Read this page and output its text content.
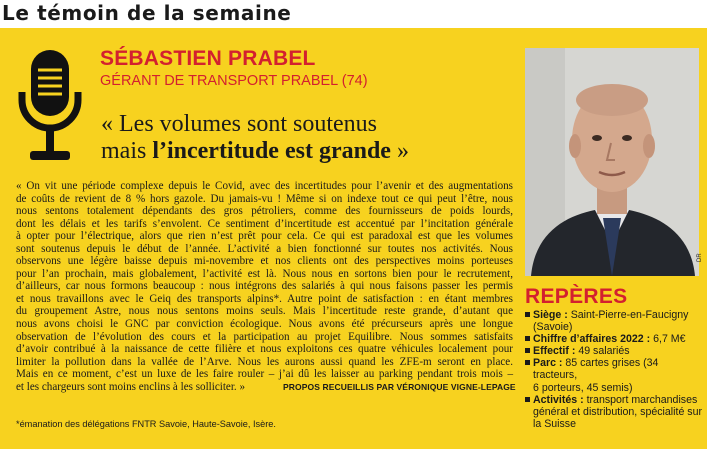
Le témoin de la semaine
SÉBASTIEN PRABEL
GÉRANT DE TRANSPORT PRABEL (74)
« Les volumes sont soutenus
mais l’incertitude est grande »
« On vit une période complexe depuis le Covid, avec des incertitudes pour l’avenir et des augmentations
de coûts de revient de 8 % hors gazole. Du jamais-vu ! Même si on indexe tout ce qui peut l’être, nous
nous sentons totalement dépendants des gros pétroliers, comme des fournisseurs de poids lourds,
dont les délais et les tarifs s’envolent. Ce sentiment d’incertitude est accentué par l’incitation générale
à opter pour l’électrique, alors que rien n’est prêt pour cela. Ce qui est paradoxal est que les volumes
sont soutenus depuis le début de l’année. L’activité a bien fonctionné sur toutes nos activités. Nous
observons une légère baisse depuis mi-novembre et nos clients ont des perspectives moins porteuses
pour l’an prochain, mais globalement, l’activité est là. Nous nous en sortons bien pour le recrutement,
d’ailleurs, car nous formons beaucoup : nous intégrons des salariés à qui nous faisons passer les permis
et nous travaillons avec le Geiq des transports alpins*. Autre point de satisfaction : en étant membres
du groupement Astre, nous nous sentons moins seuls. Mais l’incertitude reste grande, d’autant que
nous avons choisi le GNC par conviction écologique. Nous avons été précurseurs après une longue
observation de l’évolution des cours et la participation au projet Equilibre. Nous sommes satisfaits
d’avoir contribué à la naissance de cette filière et nous exploitons ces quatre véhicules localement pour
limiter la pollution dans la vallée de l’Arve. Nous les aurons aussi quand les ZFE-m seront en place.
Mais en ce moment, c’est un luxe de les faire rouler – j’ai dû les laisser au parking pendant trois mois –
et les chargeurs sont moins enclins à les solliciter. »	PROPOS RECUEILLIS PAR VÉRONIQUE VIGNE-LEPAGE
*émanation des délégations FNTR Savoie, Haute-Savoie, Isère.
DR
REPÈRES
Siège : Saint-Pierre-en-Faucigny
(Savoie)
Chiffre d’affaires 2022 : 6,7 M€
Effectif : 49 salariés
Parc : 85 cartes grises (34 tracteurs,
6 porteurs, 45 semis)
Activités : transport marchandises
général et distribution, spécialité sur la Suisse
